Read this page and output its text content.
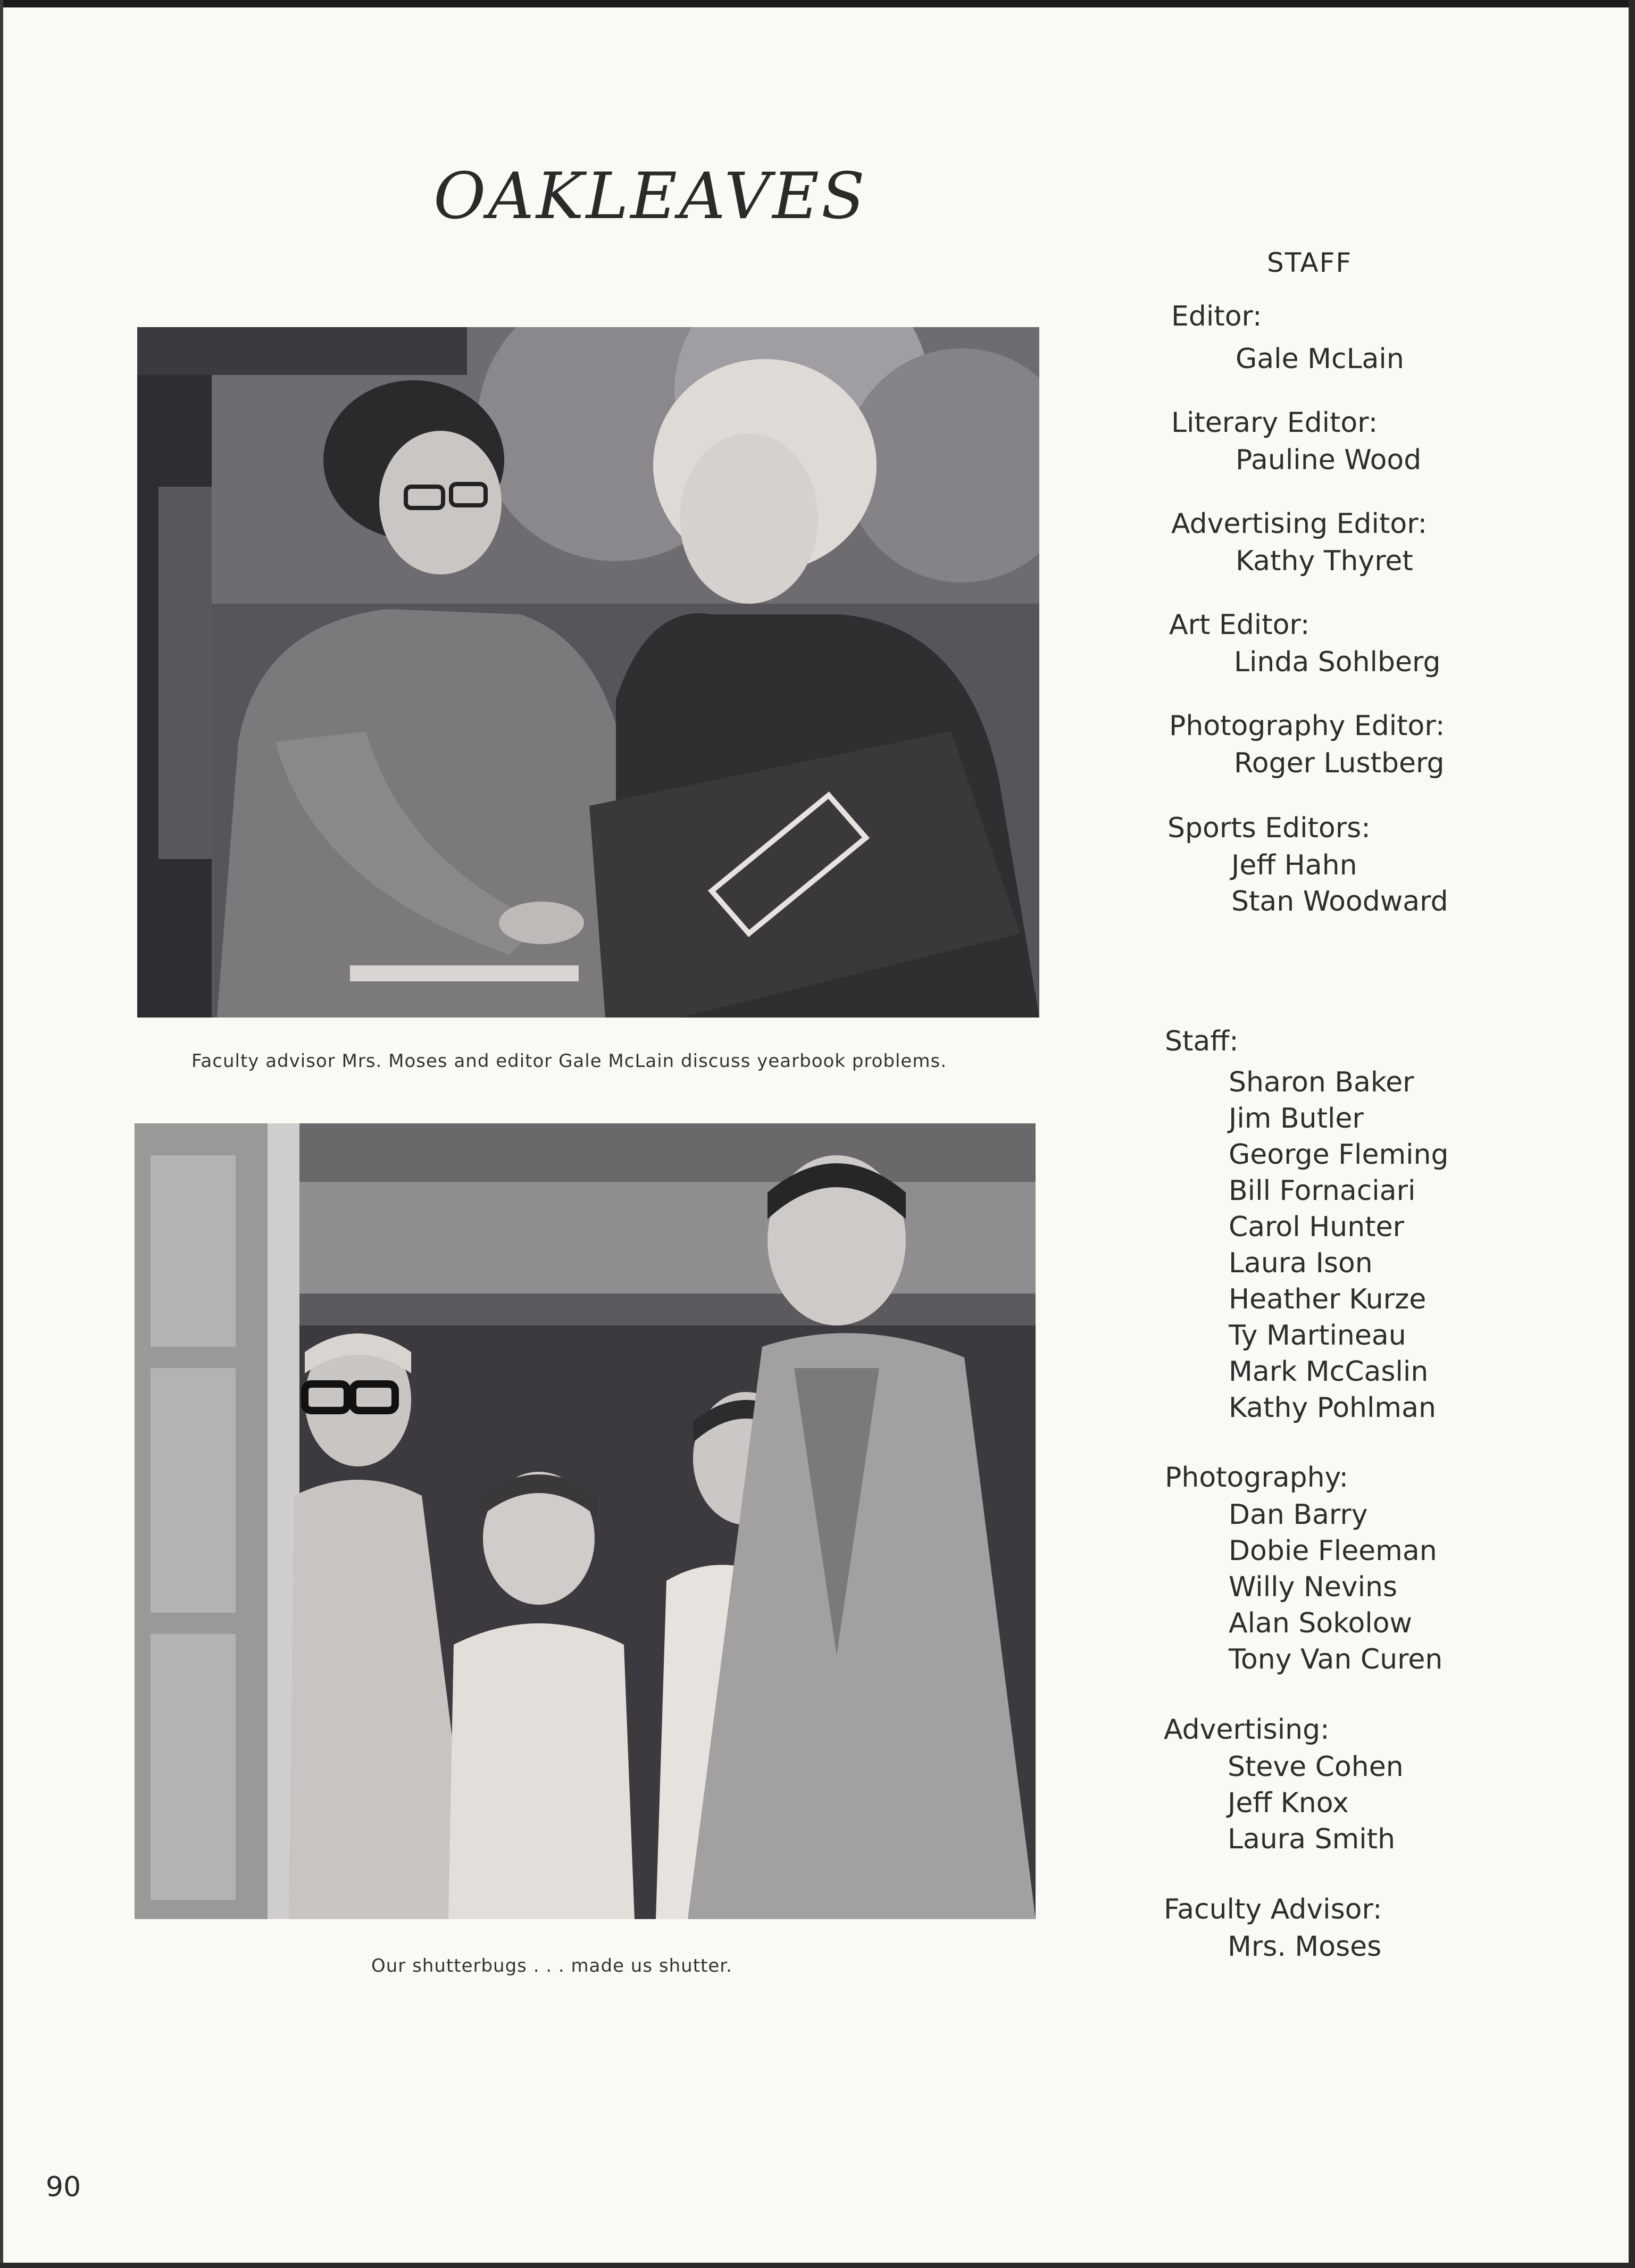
OAKLEAVES
Faculty advisor Mrs. Moses and editor Gale McLain discuss yearbook problems.
Our shutterbugs . . . made us shutter.
STAFF
Editor:
Gale McLain
Literary Editor:
Pauline Wood
Advertising Editor:
Kathy Thyret
Art Editor:
Linda Sohlberg
Photography Editor:
Roger Lustberg
Sports Editors:
Jeff Hahn
Stan Woodward
Staff:
Sharon Baker
Jim Butler
George Fleming
Bill Fornaciari
Carol Hunter
Laura Ison
Heather Kurze
Ty Martineau
Mark McCaslin
Kathy Pohlman
Photography:
Dan Barry
Dobie Fleeman
Willy Nevins
Alan Sokolow
Tony Van Curen
Advertising:
Steve Cohen
Jeff Knox
Laura Smith
Faculty Advisor:
Mrs. Moses
90
